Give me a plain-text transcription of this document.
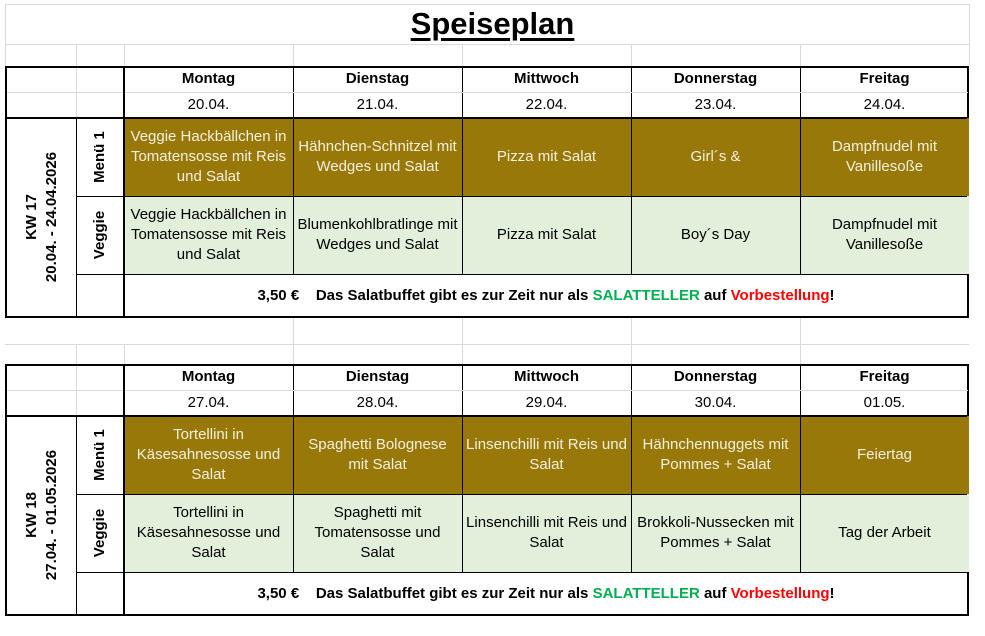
Speiseplan
Montag
20.04.
Veggie Hackbällchen in Tomatensosse mit Reis und Salat
Veggie Hackbällchen in Tomatensosse mit Reis und Salat
Dienstag
21.04.
Hähnchen-Schnitzel mit Wedges und Salat
Blumenkohlbratlinge mit Wedges und Salat
Mittwoch
22.04.
Pizza mit Salat
Pizza mit Salat
Donnerstag
23.04.
Girl´s &
Boy´s Day
Freitag
24.04.
Dampfnudel mit Vanillesoße
Dampfnudel mit Vanillesoße
Menü 1
Veggie
KW 17 20.04. - 24.04.2026
3,50 €
Das Salatbuffet gibt es zur Zeit nur als
SALATTELLER
auf
Vorbestellung !
Montag
27.04.
Tortellini in Käsesahnesosse und Salat
Tortellini in Käsesahnesosse und Salat
Dienstag
28.04.
Spaghetti Bolognese mit Salat
Spaghetti mit Tomatensosse und Salat
Mittwoch
29.04.
Linsenchilli mit Reis und Salat
Linsenchilli mit Reis und Salat
Donnerstag
30.04.
Hähnchennuggets mit Pommes + Salat
Brokkoli-Nussecken mit Pommes + Salat
Freitag
01.05.
Feiertag
Tag der Arbeit
Menü 1
Veggie
KW 18 27.04. - 01.05.2026
3,50 €
Das Salatbuffet gibt es zur Zeit nur als
SALATTELLER
auf
Vorbestellung !
